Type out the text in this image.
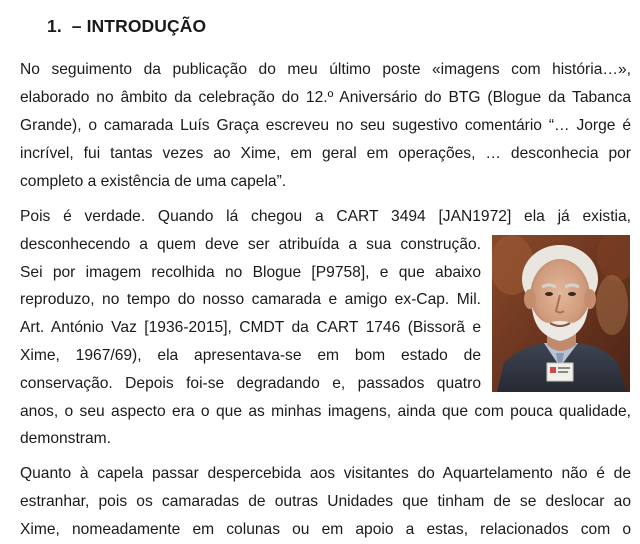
1. – INTRODUÇÃO
No seguimento da publicação do meu último poste «imagens com história…»,
elaborado no âmbito da celebração do 12.º Aniversário do BTG (Blogue da Tabanca
Grande), o camarada Luís Graça escreveu no seu sugestivo comentário “… Jorge é
incrível, fui tantas vezes ao Xime, em geral em operações, … desconhecia por
completo a existência de uma capela”.
Pois é verdade. Quando lá chegou a CART 3494 [JAN1972] ela já existia,
desconhecendo a quem deve ser atribuída a sua construção.
Sei por imagem recolhida no Blogue [P9758], e que abaixo
reproduzo, no tempo do nosso camarada e amigo ex-Cap. Mil.
Art. António Vaz [1936-2015], CMDT da CART 1746 (Bissorã e
Xime, 1967/69), ela apresentava-se em bom estado de
conservação. Depois foi-se degradando e, passados quatro
anos, o seu aspecto era o que as minhas imagens, ainda que com pouca qualidade,
demonstram.
Quanto à capela passar despercebida aos visitantes do Aquartelamento não é de
estranhar, pois os camaradas de outras Unidades que tinham de se deslocar ao
Xime, nomeadamente em colunas ou em apoio a estas, relacionados com o
